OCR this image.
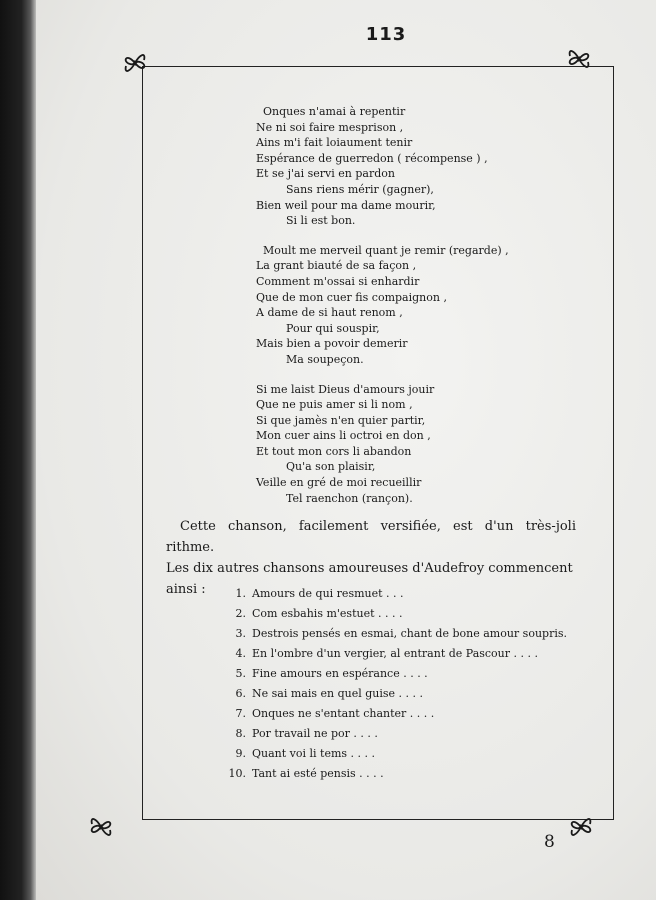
113
Onques n'amai à repentir
Ne ni soi faire mesprison ,
Ains m'i fait loiaument tenir
Espérance de guerredon ( récompense ) ,
Et se j'ai servi en pardon
Sans riens mérir (gagner),
Bien weil pour ma dame mourir,
Si li est bon.
Moult me merveil quant je remir (regarde) ,
La grant biauté de sa façon ,
Comment m'ossai si enhardir
Que de mon cuer fis compaignon ,
A dame de si haut renom ,
Pour qui souspir,
Mais bien a povoir demerir
Ma soupeçon.
Si me laist Dieus d'amours jouir
Que ne puis amer si li nom ,
Si que jamès n'en quier partir,
Mon cuer ains li octroi en don ,
Et tout mon cors li abandon
Qu'a son plaisir,
Veille en gré de moi recueillir
Tel raenchon (rançon).
Cette chanson, facilement versifiée, est d'un très-joli rithme.
Les dix autres chansons amoureuses d'Audefroy commencent
ainsi :	1. Amours de qui resmuet . . .
2. Com esbahis m'estuet . . . .
3. Destrois pensés en esmai, chant de bone amour soupris.
4. En l'ombre d'un vergier, al entrant de Pascour . . . .
5. Fine amours en espérance . . . .
6. Ne sai mais en quel guise . . . .
7. Onques ne s'entant chanter . . . .
8. Por travail ne por . . . .
9. Quant voi li tems . . . .
10. Tant ai esté pensis . . . .
8
